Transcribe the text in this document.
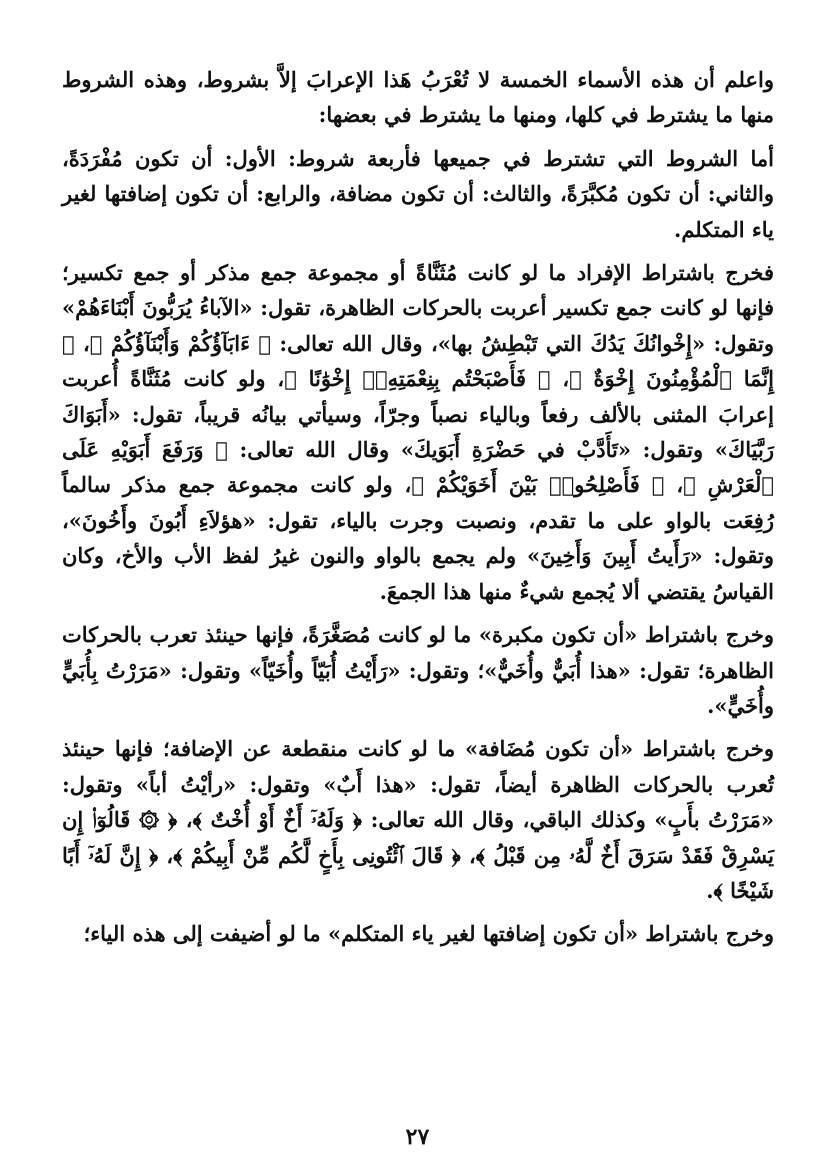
واعلم أن هذه الأسماء الخمسة لا تُعْرَبُ هَذا الإعرابَ إلاَّ بشروط، وهذه الشروط منها ما يشترط في كلها، ومنها ما يشترط في بعضها:

أما الشروط التي تشترط في جميعها فأربعة شروط: الأول: أن تكون مُفْرَدَةً، والثاني: أن تكون مُكبَّرَةً، والثالث: أن تكون مضافة، والرابع: أن تكون إضافتها لغير ياء المتكلم.

فخرج باشتراط الإفراد ما لو كانت مُثَنَّاةً أو مجموعة جمع مذكر أو جمع تكسير؛ فإنها لو كانت جمع تكسير أعربت بالحركات الظاهرة، تقول: «الآباءُ يُرَبُّونَ أَبْنَاءَهُمْ» وتقول: «إِخْوانُكَ يَدُكَ التي تَبْطِشُ بها»، وقال الله تعالى: ﴿ ءَابَآؤُكُمْ وَأَبْنَآؤُكُمْ ﴾، ﴿ إِنَّمَا ٱلْمُؤْمِنُونَ إِخْوَةٌ ﴾، ﴿ فَأَصْبَحْتُم بِنِعْمَتِهِۦٓ إِخْوَٰنًا ﴾، ولو كانت مُثَنَّاةً أُعربت إعرابَ المثنى بالألف رفعاً وبالياء نصباً وجرّاً، وسيأتي بيانُه قريباً، تقول: «أَبَوَاكَ رَبَّيَاكَ» وتقول: «تَأَدَّبْ في حَضْرَةِ أَبَوَيكَ» وقال الله تعالى: ﴿ وَرَفَعَ أَبَوَيْهِ عَلَى ٱلْعَرْشِ ﴾، ﴿ فَأَصْلِحُوا۟ بَيْنَ أَخَوَيْكُمْ ﴾، ولو كانت مجموعة جمع مذكر سالماً رُفِعَت بالواو على ما تقدم، ونصبت وجرت بالياء، تقول: «هؤلاَءِ أَبُونَ وأَخُونَ»، وتقول: «رَأَيتُ أَبِينَ وَأَخِينَ» ولم يجمع بالواو والنون غيرُ لفظ الأب والأخ، وكان القياسُ يقتضي ألا يُجمع شيءٌ منها هذا الجمعَ.

وخرج باشتراط «أن تكون مكبرة» ما لو كانت مُصَغَّرَةً، فإنها حينئذ تعرب بالحركات الظاهرة؛ تقول: «هذا أُبَيٌّ وأُخَيٌّ»؛ وتقول: «رَأَيْتُ أُبَيّاً وأُخَيّاً» وتقول: «مَرَرْتُ بِأُبَيٍّ وأُخَيٍّ».

وخرج باشتراط «أن تكون مُضَافة» ما لو كانت منقطعة عن الإضافة؛ فإنها حينئذ تُعرب بالحركات الظاهرة أيضاً، تقول: «هذا أَبٌ» وتقول: «رأيْتُ أباً» وتقول: «مَرَرْتُ بأَبٍ» وكذلك الباقي، وقال الله تعالى: ﴿ وَلَهُۥٓ أَخٌ أَوْ أُخْتٌ ﴾، ﴿ ۞ قَالُوٓا۟ إِن يَسْرِقْ فَقَدْ سَرَقَ أَخٌ لَّهُۥ مِن قَبْلُ ﴾، ﴿ قَالَ ٱئْتُونِى بِأَخٍ لَّكُم مِّنْ أَبِيكُمْ ﴾، ﴿ إِنَّ لَهُۥٓ أَبًا شَيْخًا ﴾.

وخرج باشتراط «أن تكون إضافتها لغير ياء المتكلم» ما لو أضيفت إلى هذه الياء؛

٢٧
